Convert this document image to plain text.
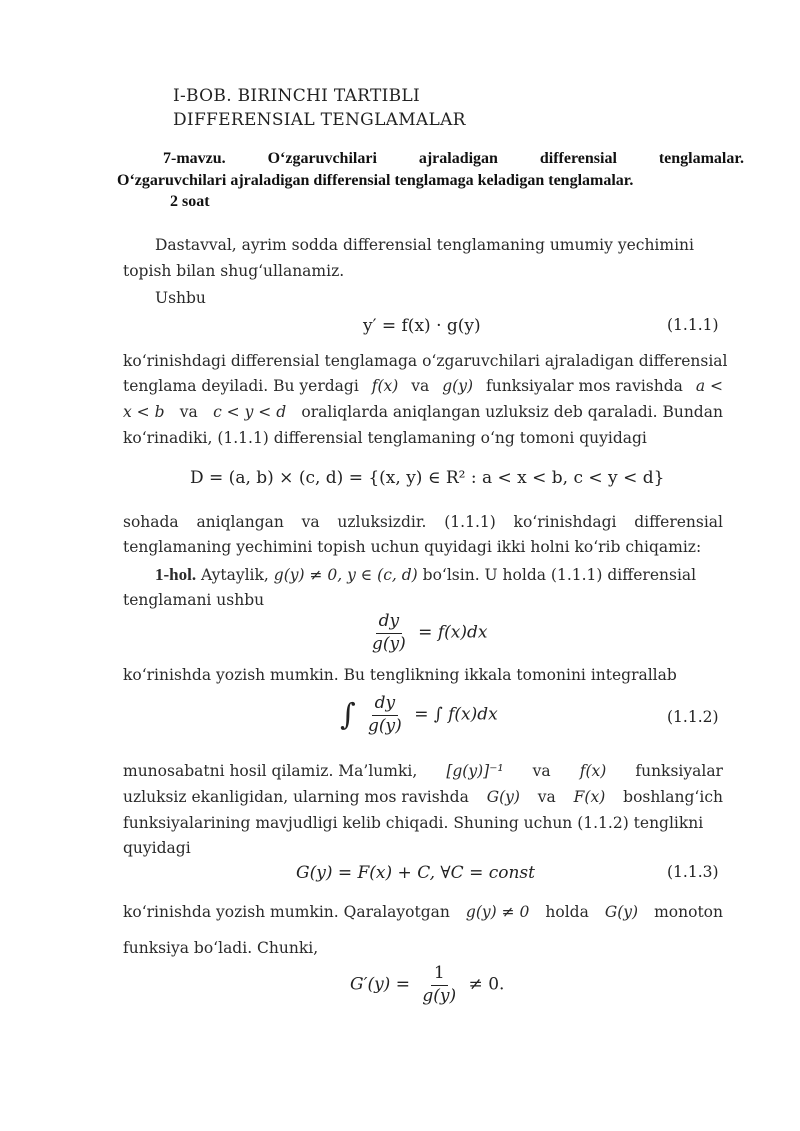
I-BOB. BIRINCHI TARTIBLI
DIFFERENSIAL TENGLAMALAR
7-mavzu.	O‘zgaruvchilari	ajraladigan	differensial	tenglamalar.
O‘zgaruvchilari ajraladigan differensial tenglamaga keladigan tenglamalar.
2 soat
Dastavval, ayrim sodda differensial tenglamaning umumiy yechimini
topish bilan shug‘ullanamiz.
Ushbu
y′ = f(x) · g(y)	(1.1.1)
ko‘rinishdagi differensial tenglamaga o‘zgaruvchilari ajraladigan differensial
tenglama deyiladi. Bu yerdagi f(x) va g(y) funksiyalar mos ravishda a <
x < b va c < y < d oraliqlarda aniqlangan uzluksiz deb qaraladi. Bundan
ko‘rinadiki, (1.1.1) differensial tenglamaning o‘ng tomoni quyidagi
D = (a, b) × (c, d) = {(x, y) ∈ R² : a < x < b, c < y < d}
sohada aniqlangan va uzluksizdir. (1.1.1) ko‘rinishdagi differensial
tenglamaning yechimini topish uchun quyidagi ikki holni ko‘rib chiqamiz:
1-hol. Aytaylik, g(y) ≠ 0, y ∈ (c, d) bo‘lsin. U holda (1.1.1) differensial
tenglamani ushbu
$\frac{dy}{g(y)} = f(x)dx$
ko‘rinishda yozish mumkin. Bu tenglikning ikkala tomonini integrallab
∫ $\frac{dy}{g(y)}$ = ∫ f(x)dx	(1.1.2)
munosabatni hosil qilamiz. Ma’lumki, [g(y)]⁻¹ va f(x) funksiyalar
uzluksiz ekanligidan, ularning mos ravishda G(y) va F(x) boshlang‘ich
funksiyalarining mavjudligi kelib chiqadi. Shuning uchun (1.1.2) tenglikni
quyidagi
G(y) = F(x) + C, ∀C = const	(1.1.3)
ko‘rinishda yozish mumkin. Qaralayotgan g(y) ≠ 0 holda G(y) monoton
funksiya bo‘ladi. Chunki,
$G'(y) = \frac{1}{g(y)} \ne 0$.
